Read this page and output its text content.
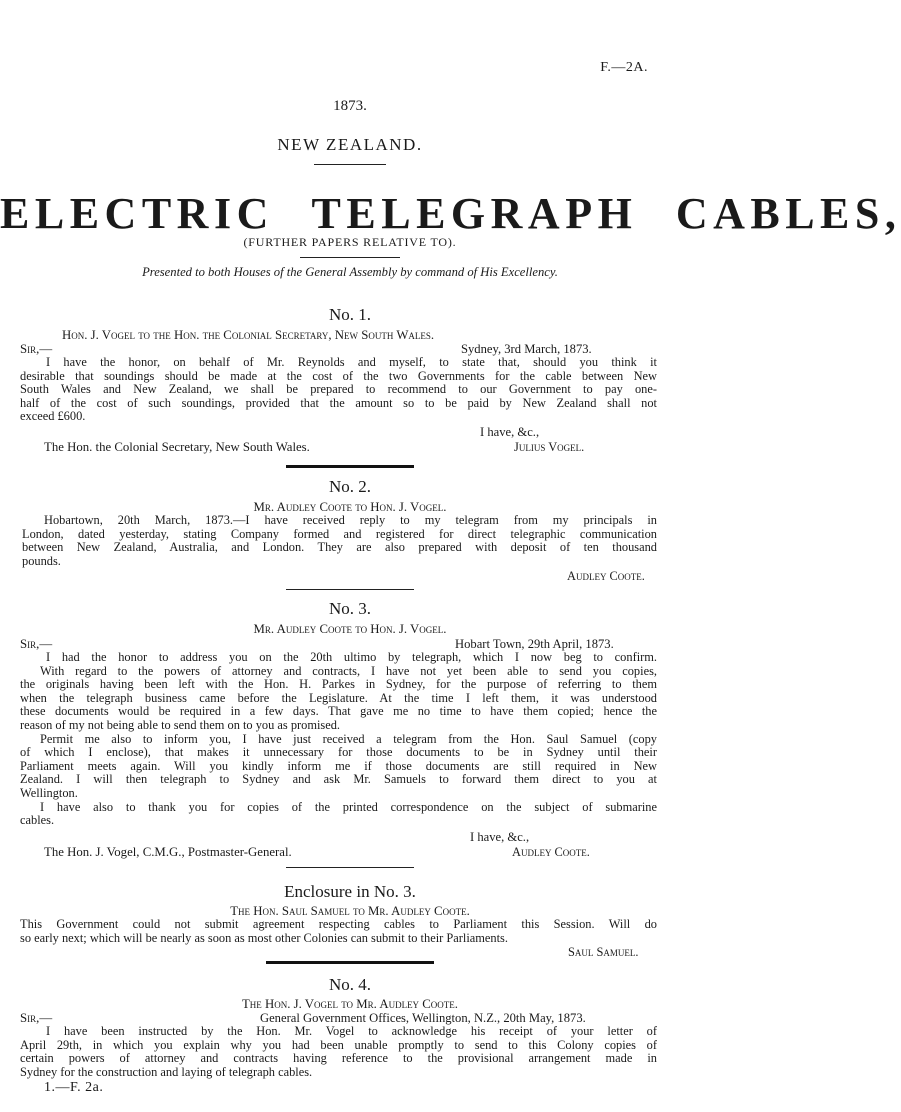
F.—2A.
1873.
NEW ZEALAND.
ELECTRIC TELEGRAPH CABLES,
(FURTHER PAPERS RELATIVE TO).
Presented to both Houses of the General Assembly by command of His Excellency.
No. 1.
Hon. J. Vogel to the Hon. the Colonial Secretary, New South Wales.
Sir,—	Sydney, 3rd March, 1873.
I have the honor, on behalf of Mr. Reynolds and myself, to state that, should you think it
desirable that soundings should be made at the cost of the two Governments for the cable between New
South Wales and New Zealand, we shall be prepared to recommend to our Government to pay one-
half of the cost of such soundings, provided that the amount so to be paid by New Zealand shall not
exceed £600.
I have, &c.,
The Hon. the Colonial Secretary, New South Wales.	Julius Vogel.
No. 2.
Mr. Audley Coote to Hon. J. Vogel.
Hobartown, 20th March, 1873.—I have received reply to my telegram from my principals in
London, dated yesterday, stating Company formed and registered for direct telegraphic communication
between New Zealand, Australia, and London. They are also prepared with deposit of ten thousand
pounds.
Audley Coote.
No. 3.
Mr. Audley Coote to Hon. J. Vogel.
Sir,—	Hobart Town, 29th April, 1873.
I had the honor to address you on the 20th ultimo by telegraph, which I now beg to confirm.
With regard to the powers of attorney and contracts, I have not yet been able to send you copies,
the originals having been left with the Hon. H. Parkes in Sydney, for the purpose of referring to them
when the telegraph business came before the Legislature. At the time I left them, it was understood
these documents would be required in a few days. That gave me no time to have them copied; hence the
reason of my not being able to send them on to you as promised.
Permit me also to inform you, I have just received a telegram from the Hon. Saul Samuel (copy
of which I enclose), that makes it unnecessary for those documents to be in Sydney until their
Parliament meets again. Will you kindly inform me if those documents are still required in New
Zealand. I will then telegraph to Sydney and ask Mr. Samuels to forward them direct to you at
Wellington.
I have also to thank you for copies of the printed correspondence on the subject of submarine
cables.
I have, &c.,
The Hon. J. Vogel, C.M.G., Postmaster-General.	Audley Coote.
Enclosure in No. 3.
The Hon. Saul Samuel to Mr. Audley Coote.
This Government could not submit agreement respecting cables to Parliament this Session. Will do
so early next; which will be nearly as soon as most other Colonies can submit to their Parliaments.
Saul Samuel.
No. 4.
The Hon. J. Vogel to Mr. Audley Coote.
Sir,—	General Government Offices, Wellington, N.Z., 20th May, 1873.
I have been instructed by the Hon. Mr. Vogel to acknowledge his receipt of your letter of
April 29th, in which you explain why you had been unable promptly to send to this Colony copies of
certain powers of attorney and contracts having reference to the provisional arrangement made in
Sydney for the construction and laying of telegraph cables.
1.—F. 2a.
